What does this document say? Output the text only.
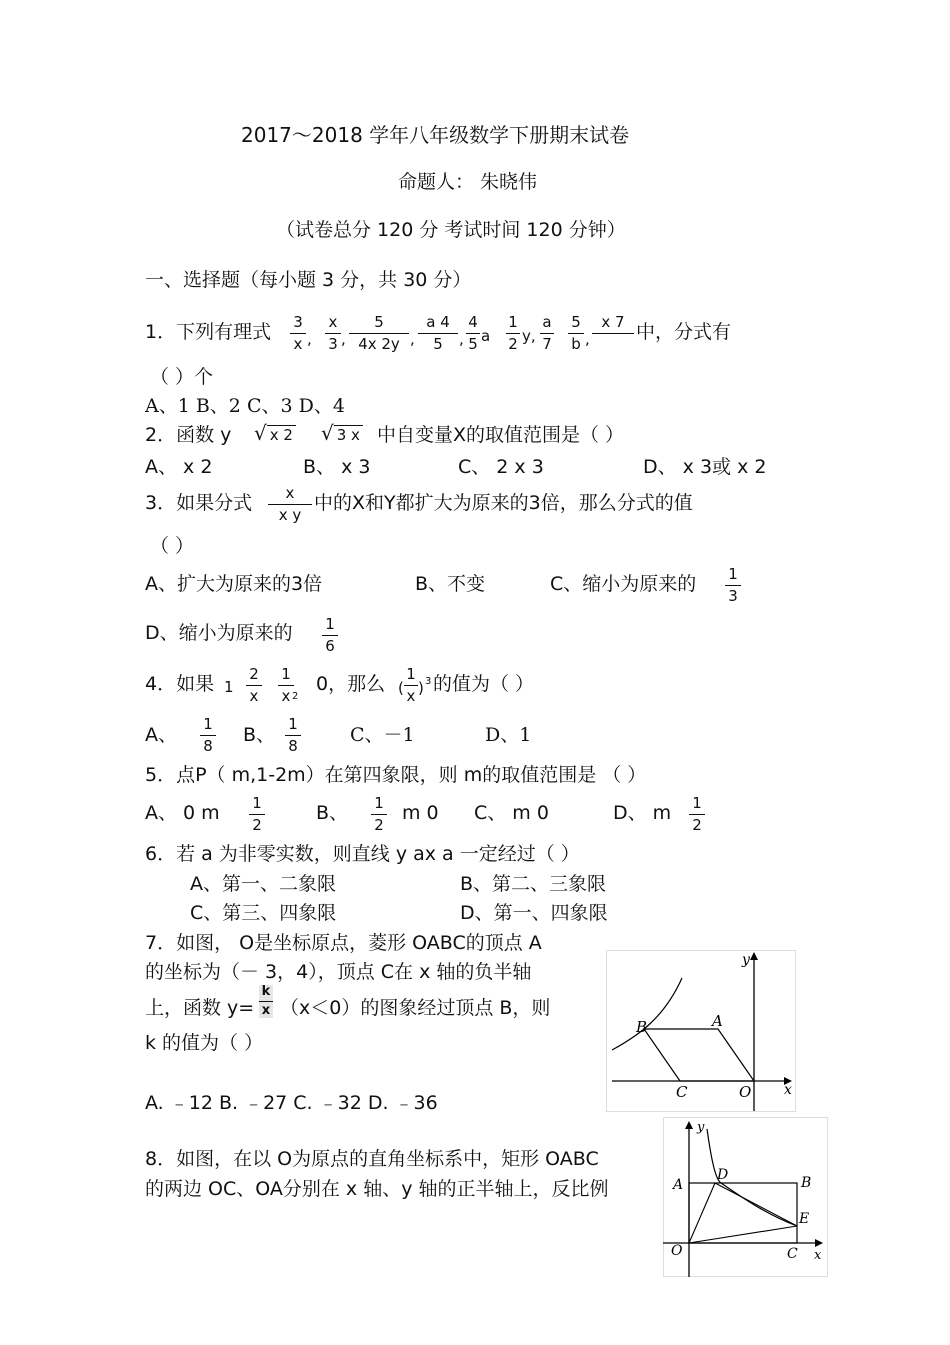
2017～2018 学年八年级数学下册期末试卷
命题人： 朱晓伟
（试卷总分 120 分 考试时间 120 分钟）
一、选择题（每小题 3 分，共 30 分）
1．下列有理式 3
x ,
x
3 ,
5
4x 2y ,
a 4
5	,
4
5 a
1
2 y,
a
7
5
b ,
x 7 中，分式有
（ ）个
A、1 B、2 C、3 D、4
2．函数 y √ x 2 √ 3 x 中自变量X的取值范围是（ ）
A、 x 2	B、 x 3	C、 2 x 3	D、 x 3或 x 2
3．如果分式	x
x y
中的X和Y都扩大为原来的3倍，那么分式的值
（ ）
A、扩大为原来的3倍	B、不变	C、缩小为原来的 1
3
D、缩小为原来的 1
6
4．如果 1
2
x
1
x 2
0，那么 (
1
x ) 3 的值为（ ）
A、 1
8 B、 1
8	C、－1	D、1
5．点P（ m,1-2m）在第四象限，则 m的取值范围是 （ ）
A、 0 m 1
2
B、 1
2
m 0 C、 m 0	D、 m 1
2
6．若 a 为非零实数，则直线 y ax a 一定经过（ ）
A、第一、二象限	B、第二、三象限
C、第三、四象限	D、第一、四象限
7．如图， O是坐标原点，菱形 OABC的顶点 A
的坐标为（－ 3，4），顶点 C在 x 轴的负半轴
上，函数 y=
k
x （x＜0）的图象经过顶点 B，则
k 的值为（ ）
A. ﹣12 B. ﹣27 C. ﹣32 D. ﹣36
B	A
C	O x
y
8．如图，在以 O为原点的直角坐标系中，矩形 OABC
的两边 OC、OA分别在 x 轴、y 轴的正半轴上，反比例	A
D	B
E
O	C x
y
